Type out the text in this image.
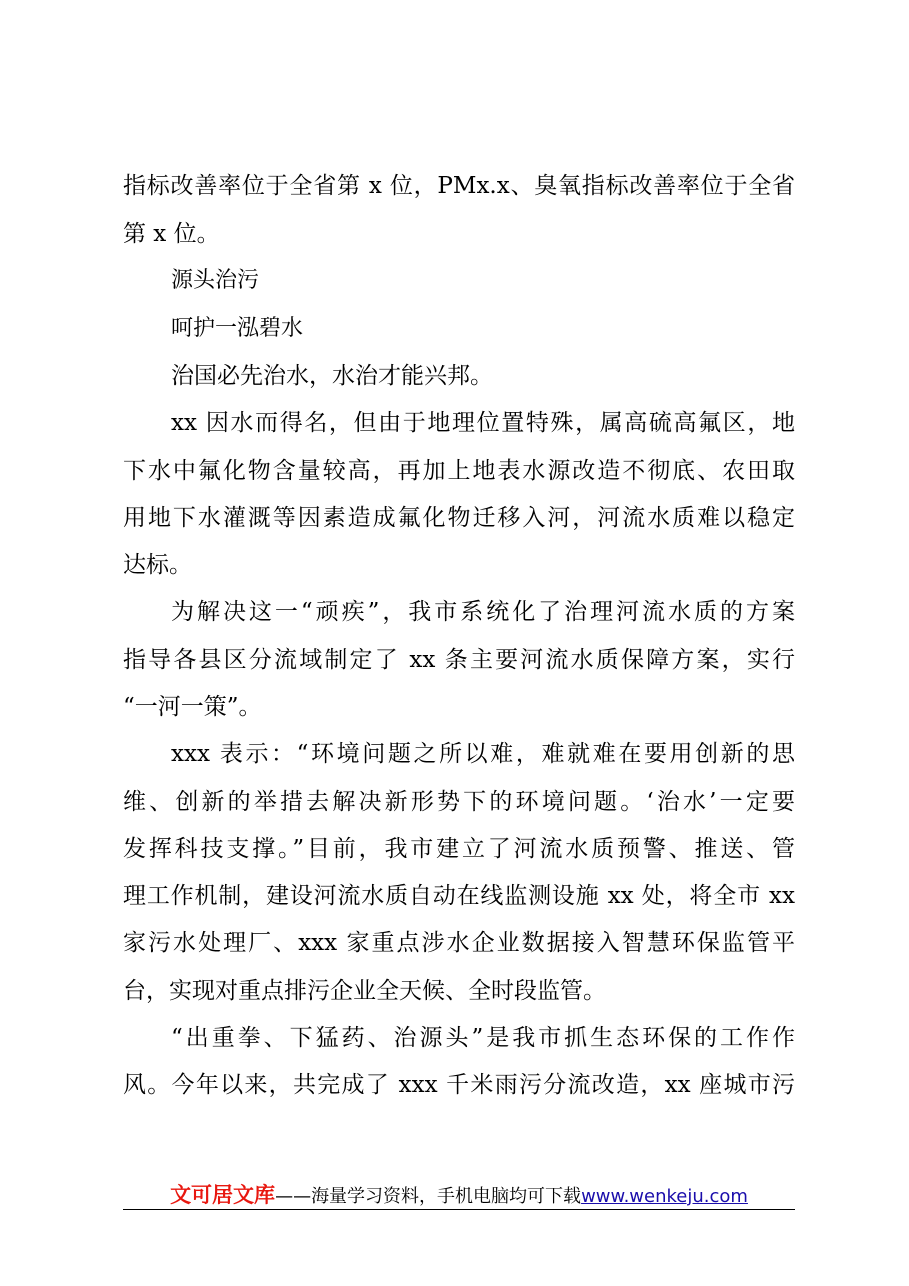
指标改善率位于全省第 x 位，PMx.x、臭氧指标改善率位于全省
第 x 位。
源头治污
呵护一泓碧水
治国必先治水，水治才能兴邦。
xx 因水而得名，但由于地理位置特殊，属高硫高氟区，地
下水中氟化物含量较高，再加上地表水源改造不彻底、农田取
用地下水灌溉等因素造成氟化物迁移入河，河流水质难以稳定
达标。
为解决这一“顽疾”，我市系统化了治理河流水质的方案
指导各县区分流域制定了 xx 条主要河流水质保障方案，实行
“一河一策”。
xxx 表示：“环境问题之所以难，难就难在要用创新的思
维、创新的举措去解决新形势下的环境问题。‘治水’一定要
发挥科技支撑。”目前，我市建立了河流水质预警、推送、管
理工作机制，建设河流水质自动在线监测设施 xx 处，将全市 xx
家污水处理厂、xxx 家重点涉水企业数据接入智慧环保监管平
台，实现对重点排污企业全天候、全时段监管。
“出重拳、下猛药、治源头”是我市抓生态环保的工作作
风。今年以来，共完成了 xxx 千米雨污分流改造，xx 座城市污
文可居文库——海量学习资料，手机电脑均可下载www.wenkeju.com
